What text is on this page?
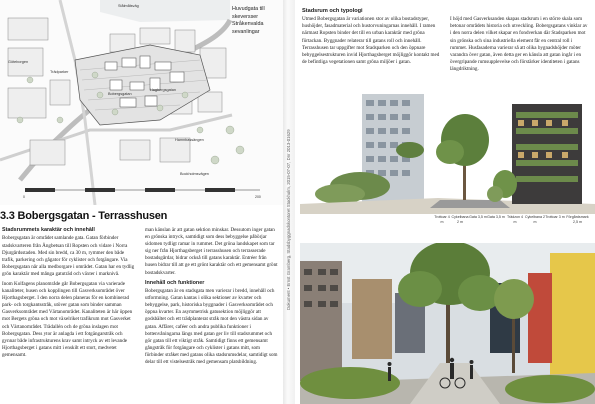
0	200
Huvudgata till
skeversser
Stråkenvalda
sevanlingar
Stålmålsväg
Göteborgen
Trädparker
Hagbergsgatan
Bobergsgatan
Hamnbassängen
Bockholmsvägen
3.3 Bobergsgatan - Terrasshusen
Stadsrummets karaktär och innehåll
Bobergsgatan är området samlande gata. Gatan förbinder stadskvarteren från Ångbetsan till Ropsten och vidare i Norra Djurgårdsstaden. Med sin bredd, ca 30 m, rymmer den både trafik, parkering och gågator för cyklister och fotgängare. Via Bobergsgatan når alla medborgare i området. Gatan har en tydlig grön karaktär med många gatuträd och växter i marknivå.
Inom Kolfagens planområde går Bobergsgatan via varierade kanaliteter, husen och kopplingen till Gasverksområdet över Hjorthagsberget. I den norra delen planeras för en kombinerad park- och torgkantsstråk, utöver gatan som binder samman Gasverksområdet med Värtanområdet. Kanaliteten är här öppen mot Bergets gröna och mot växelriket trafikrum mot Gasverket och Värtanområdet. Trädallén och de gröna inslagen mot Bobergsgatan. Dess ytor är anlagda i ett fotgängarstråk och gynnar både infrastrukturens krav samt intryck av ett levande Hjorthagsberget i gatans mitt i enskilt ett stort, medvetet gemensamt.
man känslan är att gatan sektion minskar. Dessutom inger gatan en grönska intryck, samtidigt som dess bebyggelse påbörjar sidomen tydligt ramar in rummet. Det gröna landskapet som tar sig ner från Hjorthagsberget i terrasshusen och terrasserade bostadsgårdar, bidrar också till gatans karaktär. Entréer från husen bidrar till att ge ett grönt karaktär och ett gemensamt grönt bostadskvarter.
Innehåll och funktioner
Bobergsgatan är en stadsgata men varierar i bredd, innehåll och utformning. Gatan kantas i olika sektioner av kvarter och bebyggelse, park, historiska byggnader i Gasverksområdet och öppna kvarter. En asymmetrisk gatusektion möjliggör att godsbältet och ett trädplanterat stråk mot den västra sidan av gatan. Affärer, caféer och andra publika funktioner i bottenvåningarna längs med gatan ger liv till stadsrummet och gör gatan till ett viktigt stråk. Samtidigt finns ett gemensamt gångstråk för fotgängare och cyklister i gatans mitt, som förbinder stråket med gatans olika stadsrumsdelar, samtidigt som delar till ett vistelsestråk med gemensam platsbildning.
Dokument • Ernst Gramberg, Stadsbyggnadskontoret Stockholm, 2015-07-07, Dnr 2013-01629
Stadsrum och typologi
Utmed Bobergsgatan är variationen stor av olika bostadstyper, hushöjder, fasadmaterial och hustorvuningarnas innehåll. I ramen närmast Ropsten binder det till en urban karaktär med gröna förtackan. Byggnader relaterar till gatans roll och innehåll. Terrasshusen tar uppgifter mot Stadsparken och den öppnare bebyggelsestrukturen invid Hjorthagsberget möjliggör kontakt med de befintliga vegetationen samt gröna miljöer i gatan.
I höjd med Gasverksanden skapas stadsrum i en större skala som betonar områdets historia och utveckling. Bobergsgatans vinklar av i den norra delen vilket skapar en fondverkan där Stadsparken mot sin grönska och sina industriella element får en central roll i rummet. Husfasaderna varierar så att olika bygnadshöjder möter varandra över gatan, även detta ger en känsla att gatan ingår i en övergripande rumsupplevelse och förstärker identiteten i gatans längdriktning.
Trottoar 4 m
Cykelbana 2 m
Gata 3,5 m Gata 3,5 m Trädzon 4 m
Cykelbana 2 m
Trottoar 3 m Förgårdsmark 2,5 m
